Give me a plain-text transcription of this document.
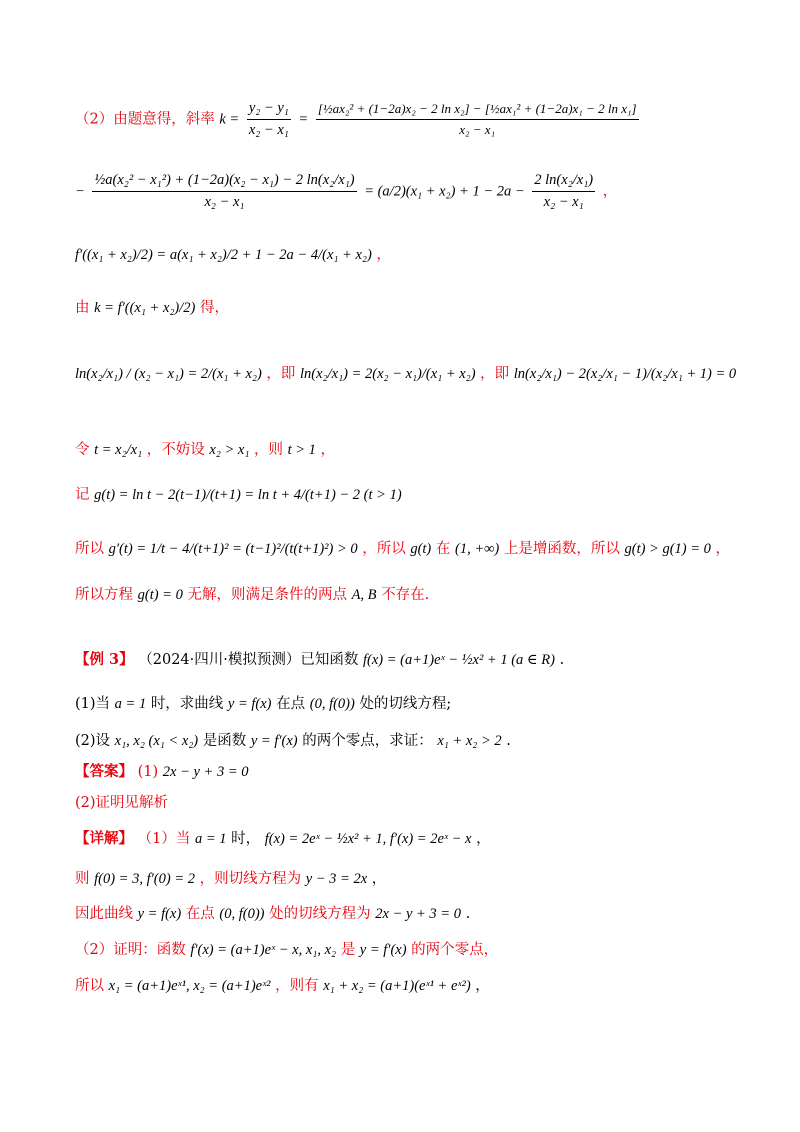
（2）由题意得，斜率 $k = \frac{\text{y₂ − y₁}}{\text{x₂ − x₁}} = \frac{\text{[½ax₂² + (1−2a)x₂ − 2 ln x₂] − [½ax₁² + (1−2a)x₁ − 2 ln x₁]}}{\text{x₂ − x₁}}$
− $\frac{\text{½a(x₂² − x₁²) + (1−2a)(x₂ − x₁) − 2 ln(x₂/x₁)}}{\text{x₂ − x₁}} = (a/2)(x_1 + x_2) + 1 - 2a - \frac{\text{2 ln(x₂/x₁)}}{\text{x₂ − x₁}}$ ，
f′((x₁ + x₂)/2) = a(x₁ + x₂)/2 + 1 − 2a − 4/(x₁ + x₂) ，
由 k = f′((x₁ + x₂)/2) 得，
ln(x₂/x₁) / (x₂ − x₁) = 2/(x₁ + x₂) ，即 ln(x₂/x₁) = 2(x₂ − x₁)/(x₁ + x₂) ，即 ln(x₂/x₁) − 2(x₂/x₁ − 1)/(x₂/x₁ + 1) = 0
令 t = x₂/x₁ ，不妨设 x₂ > x₁ ，则 t > 1 ，
记 g(t) = ln t − 2(t−1)/(t+1) = ln t + 4/(t+1) − 2 (t > 1)
所以 g′(t) = 1/t − 4/(t+1)² = (t−1)²/(t(t+1)²) > 0 ，所以 g(t) 在 (1, +∞) 上是增函数，所以 g(t) > g(1) = 0 ，
所以方程 g(t) = 0 无解，则满足条件的两点 A, B 不存在.
【例 3】 （2024·四川·模拟预测）已知函数 f(x) = (a+1)eˣ − ½x² + 1 (a ∈ R) .
(1)当 a = 1 时，求曲线 y = f(x) 在点 (0, f(0)) 处的切线方程;
(2)设 x₁, x₂ (x₁ < x₂) 是函数 y = f′(x) 的两个零点，求证： x₁ + x₂ > 2 .
【答案】 (1) 2x − y + 3 = 0
(2)证明见解析
【详解】 （1）当 a = 1 时， f(x) = 2eˣ − ½x² + 1, f′(x) = 2eˣ − x ，
则 f(0) = 3, f′(0) = 2 ，则切线方程为 y − 3 = 2x ，
因此曲线 y = f(x) 在点 (0, f(0)) 处的切线方程为 2x − y + 3 = 0 .
（2）证明：函数 f′(x) = (a+1)eˣ − x, x₁, x₂ 是 y = f′(x) 的两个零点，
所以 x₁ = (a+1)eˣ¹, x₂ = (a+1)eˣ² ，则有 x₁ + x₂ = (a+1)(eˣ¹ + eˣ²) ，
